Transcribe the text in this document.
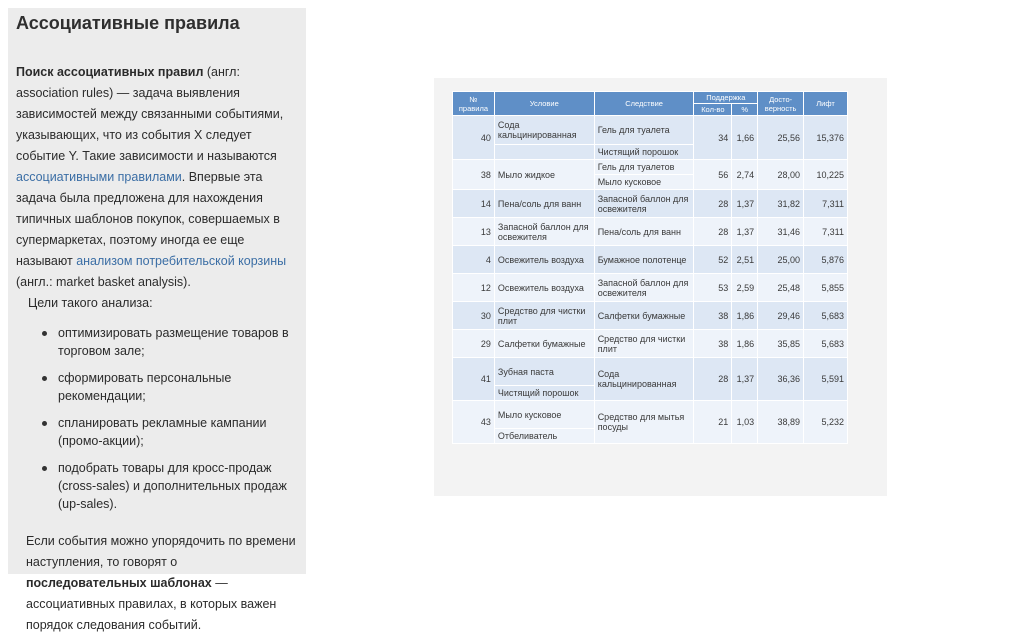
Ассоциативные правила

Поиск ассоциативных правил (англ: association rules) — задача выявления зависимостей между связанными событиями, указывающих, что из события X следует событие Y. Такие зависимости и называются ассоциативными правилами. Впервые эта задача была предложена для нахождения типичных шаблонов покупок, совершаемых в супермаркетах, поэтому иногда ее еще называют анализом потребительской корзины (англ.: market basket analysis).

Цели такого анализа:

оптимизировать размещение товаров в торговом зале;
сформировать персональные рекомендации;
спланировать рекламные кампании (промо-акции);
подобрать товары для кросс-продаж (cross-sales) и дополнительных продаж (up-sales).

Если события можно упорядочить по времени наступления, то говорят о последовательных шаблонах — ассоциативных правилах, в которых важен порядок следования событий.

№ правила	Условие	Следствие	Поддержка		Досто-верность	Лифт
			Кол-во	%		
40	Сода кальцинированная	Гель для туалета	34	1,66	25,56	15,376
		Чистящий порошок				
38	Мыло жидкое	Гель для туалетов	56	2,74	28,00	10,225
		Мыло кусковое				
14	Пена/соль для ванн	Запасной баллон для освежителя	28	1,37	31,82	7,311
13	Запасной баллон для освежителя	Пена/соль для ванн	28	1,37	31,46	7,311
4	Освежитель воздуха	Бумажное полотенце	52	2,51	25,00	5,876
12	Освежитель воздуха	Запасной баллон для освежителя	53	2,59	25,48	5,855
30	Средство для чистки плит	Салфетки бумажные	38	1,86	29,46	5,683
29	Салфетки бумажные	Средство для чистки плит	38	1,86	35,85	5,683
41	Зубная паста	Сода кальцинированная	28	1,37	36,36	5,591
	Чистящий порошок					
43	Мыло кусковое	Средство для мытья посуды	21	1,03	38,89	5,232
	Отбеливатель					
